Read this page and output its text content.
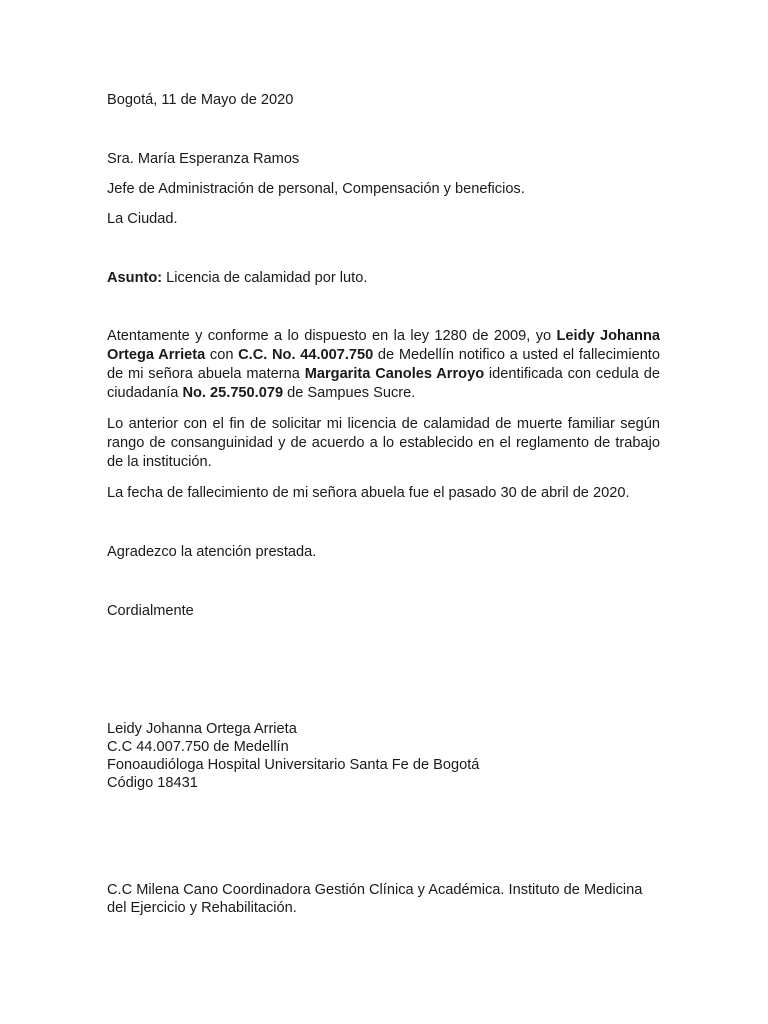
Bogotá, 11 de Mayo de 2020
Sra. María Esperanza Ramos
Jefe de Administración de personal, Compensación y beneficios.
La Ciudad.
Asunto: Licencia de calamidad por luto.
Atentamente y conforme a lo dispuesto en la ley 1280 de 2009, yo Leidy Johanna Ortega Arrieta con C.C. No. 44.007.750 de Medellín notifico a usted el fallecimiento de mi señora abuela materna Margarita Canoles Arroyo identificada con cedula de ciudadanía No. 25.750.079 de Sampues Sucre.
Lo anterior con el fin de solicitar mi licencia de calamidad de muerte familiar según rango de consanguinidad y de acuerdo a lo establecido en el reglamento de trabajo de la institución.
La fecha de fallecimiento de mi señora abuela fue el pasado 30 de abril de 2020.
Agradezco la atención prestada.
Cordialmente
Leidy Johanna Ortega Arrieta
C.C 44.007.750 de Medellín
Fonoaudióloga Hospital Universitario Santa Fe de Bogotá
Código 18431
C.C Milena Cano Coordinadora Gestión Clínica y Académica. Instituto de Medicina del Ejercicio y Rehabilitación.
